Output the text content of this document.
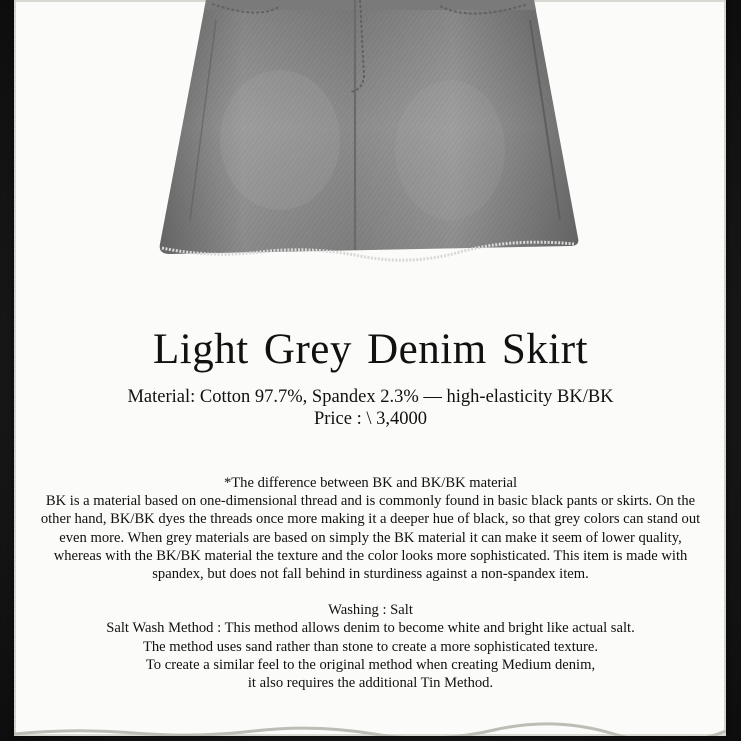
Light Grey Denim Skirt
Material: Cotton 97.7%, Spandex 2.3% — high-elasticity BK/BK
Price : \ 3,4000

*The difference between BK and BK/BK material

BK is a material based on one-dimensional thread and is commonly found in basic black pants or skirts. On the other hand, BK/BK dyes the threads once more making it a deeper hue of black, so that grey colors can stand out even more. When grey materials are based on simply the BK material it can make it seem of lower quality, whereas with the BK/BK material the texture and the color looks more sophisticated. This item is made with spandex, but does not fall behind in sturdiness against a non-spandex item.

Washing : Salt

Salt Wash Method : This method allows denim to become white and bright like actual salt.

The method uses sand rather than stone to create a more sophisticated texture.

To create a similar feel to the original method when creating Medium denim,

it also requires the additional Tin Method.
